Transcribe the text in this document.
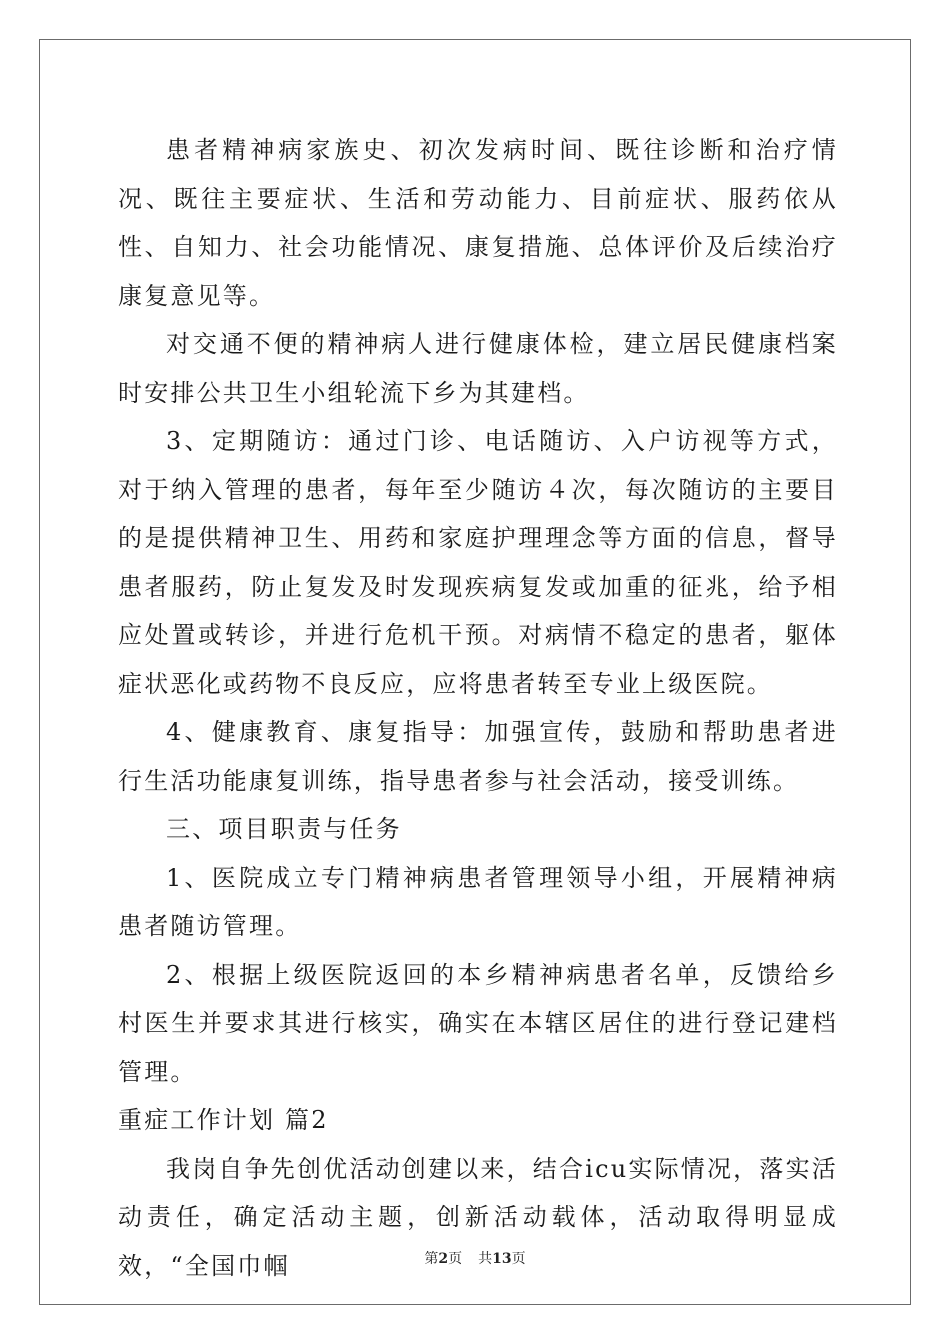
患者精神病家族史、初次发病时间、既往诊断和治疗情况、既往主要症状、生活和劳动能力、目前症状、服药依从性、自知力、社会功能情况、康复措施、总体评价及后续治疗康复意见等。

对交通不便的精神病人进行健康体检，建立居民健康档案时安排公共卫生小组轮流下乡为其建档。

3、定期随访：通过门诊、电话随访、入户访视等方式，对于纳入管理的患者，每年至少随访４次，每次随访的主要目的是提供精神卫生、用药和家庭护理理念等方面的信息，督导患者服药，防止复发及时发现疾病复发或加重的征兆，给予相应处置或转诊，并进行危机干预。对病情不稳定的患者，躯体症状恶化或药物不良反应，应将患者转至专业上级医院。

4、健康教育、康复指导：加强宣传，鼓励和帮助患者进行生活功能康复训练，指导患者参与社会活动，接受训练。

三、项目职责与任务

1、医院成立专门精神病患者管理领导小组，开展精神病患者随访管理。

2、根据上级医院返回的本乡精神病患者名单，反馈给乡村医生并要求其进行核实，确实在本辖区居住的进行登记建档管理。

重症工作计划 篇2

我岗自争先创优活动创建以来，结合icu实际情况，落实活动责任，确定活动主题，创新活动载体，活动取得明显成效，“全国巾帼	第2页 共13页
